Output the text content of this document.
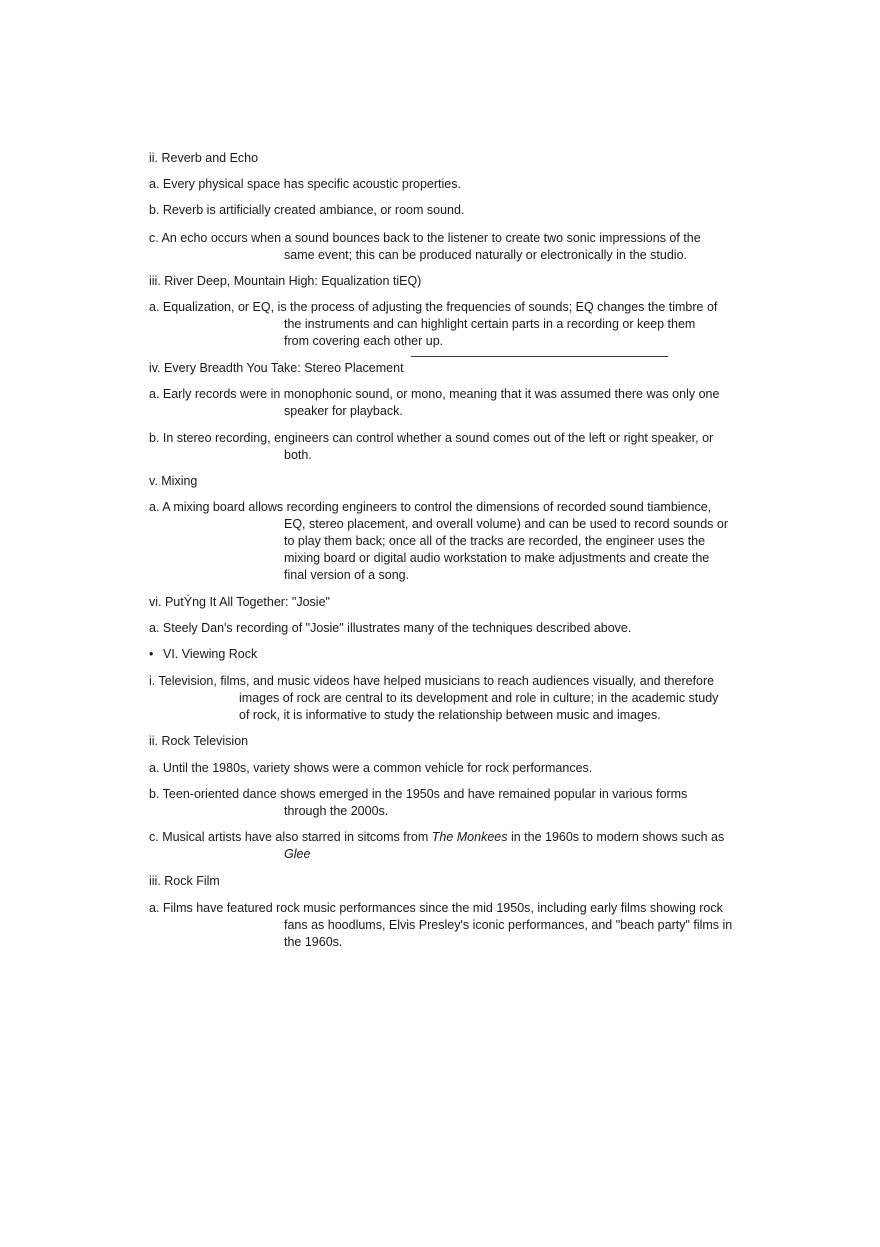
ii. Reverb and Echo

a. Every physical space has specific acoustic properties.

b. Reverb is artificially created ambiance, or room sound.

c. An echo occurs when a sound bounces back to the listener to create two sonic impressions of the
same event; this can be produced naturally or electronically in the studio.

iii. River Deep, Mountain High: Equalization tiEQ)

a. Equalization, or EQ, is the process of adjusting the frequencies of sounds; EQ changes the timbre of
the instruments and can highlight certain parts in a recording or keep them
from covering each other up.

iv. Every Breadth You Take: Stereo Placement

a. Early records were in monophonic sound, or mono, meaning that it was assumed there was only one
speaker for playback.

b. In stereo recording, engineers can control whether a sound comes out of the left or right speaker, or
both.

v. Mixing

a. A mixing board allows recording engineers to control the dimensions of recorded sound tiambience,
EQ, stereo placement, and overall volume) and can be used to record sounds or
to play them back; once all of the tracks are recorded, the engineer uses the
mixing board or digital audio workstation to make adjustments and create the
final version of a song.

vi. PutÝng It All Together: "Josie"

a. Steely Dan's recording of "Josie" illustrates many of the techniques described above.

• VI. Viewing Rock

i. Television, films, and music videos have helped musicians to reach audiences visually, and therefore
images of rock are central to its development and role in culture; in the academic study
of rock, it is informative to study the relationship between music and images.

ii. Rock Television

a. Until the 1980s, variety shows were a common vehicle for rock performances.

b. Teen-oriented dance shows emerged in the 1950s and have remained popular in various forms
through the 2000s.

c. Musical artists have also starred in sitcoms from The Monkees in the 1960s to modern shows such as
Glee

iii. Rock Film

a. Films have featured rock music performances since the mid 1950s, including early films showing rock
fans as hoodlums, Elvis Presley's iconic performances, and "beach party" films in
the 1960s.
